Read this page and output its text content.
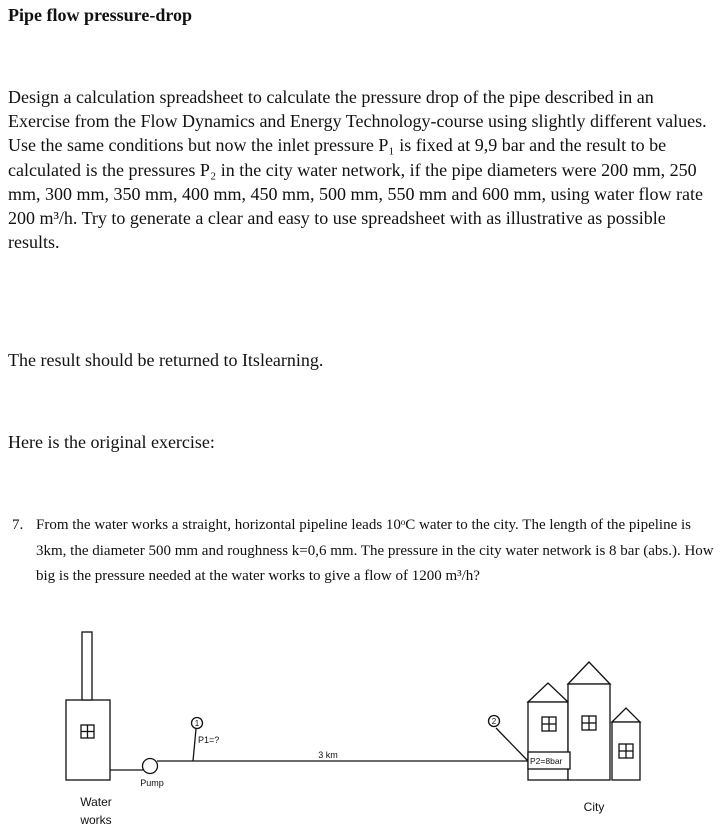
Pipe flow pressure-drop
Design a calculation spreadsheet to calculate the pressure drop of the pipe described in an Exercise from the Flow Dynamics and Energy Technology-course using slightly different values. Use the same conditions but now the inlet pressure P₁ is fixed at 9,9 bar and the result to be calculated is the pressures P₂ in the city water network, if the pipe diameters were 200 mm, 250 mm, 300 mm, 350 mm, 400 mm, 450 mm, 500 mm, 550 mm and 600 mm, using water flow rate 200 m³/h. Try to generate a clear and easy to use spreadsheet with as illustrative as possible results.
The result should be returned to Itslearning.
Here is the original exercise:
7. From the water works a straight, horizontal pipeline leads 10ᵒC water to the city. The length of the pipeline is 3km, the diameter 500 mm and roughness k=0,6 mm. The pressure in the city water network is 8 bar (abs.). How big is the pressure needed at the water works to give a flow of 1200 m³/h?
1	2
P1=?
3 km
P2=8bar
Pump
Water
works
City
